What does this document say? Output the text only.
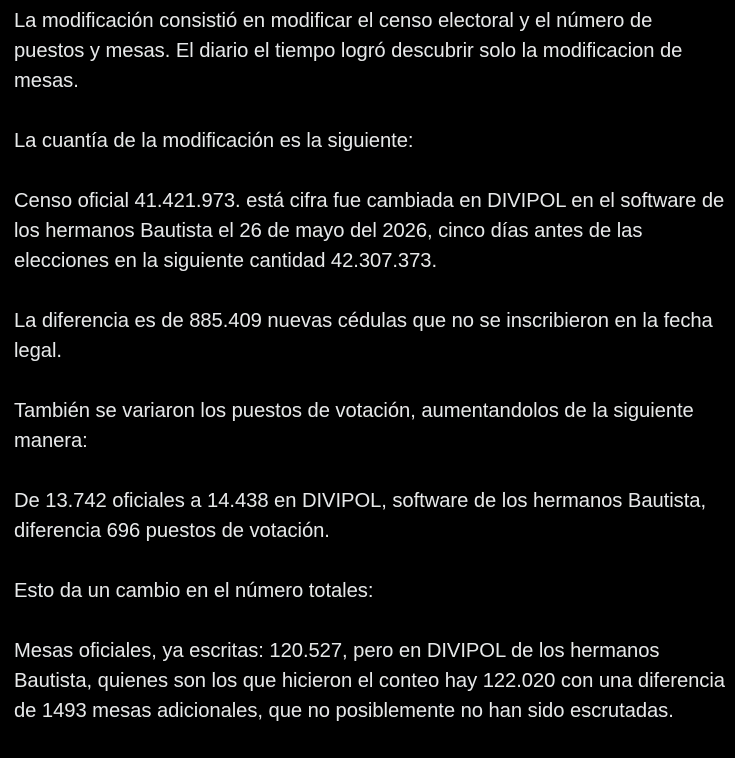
La modificación consistió en modificar el censo electoral y el número de puestos y mesas. El diario el tiempo logró descubrir solo la modificacion de mesas.

La cuantía de la modificación es la siguiente:

Censo oficial 41.421.973. está cifra fue cambiada en DIVIPOL en el software de los hermanos Bautista el 26 de mayo del 2026, cinco días antes de las elecciones en la siguiente cantidad 42.307.373.

La diferencia es de 885.409 nuevas cédulas que no se inscribieron en la fecha legal.

También se variaron los puestos de votación, aumentandolos de la siguiente manera:

De 13.742 oficiales a 14.438 en DIVIPOL, software de los hermanos Bautista, diferencia 696 puestos de votación.

Esto da un cambio en el número totales:

Mesas oficiales, ya escritas: 120.527, pero en DIVIPOL de los hermanos Bautista, quienes son los que hicieron el conteo hay 122.020 con una diferencia de 1493 mesas adicionales, que no posiblemente no han sido escrutadas.
